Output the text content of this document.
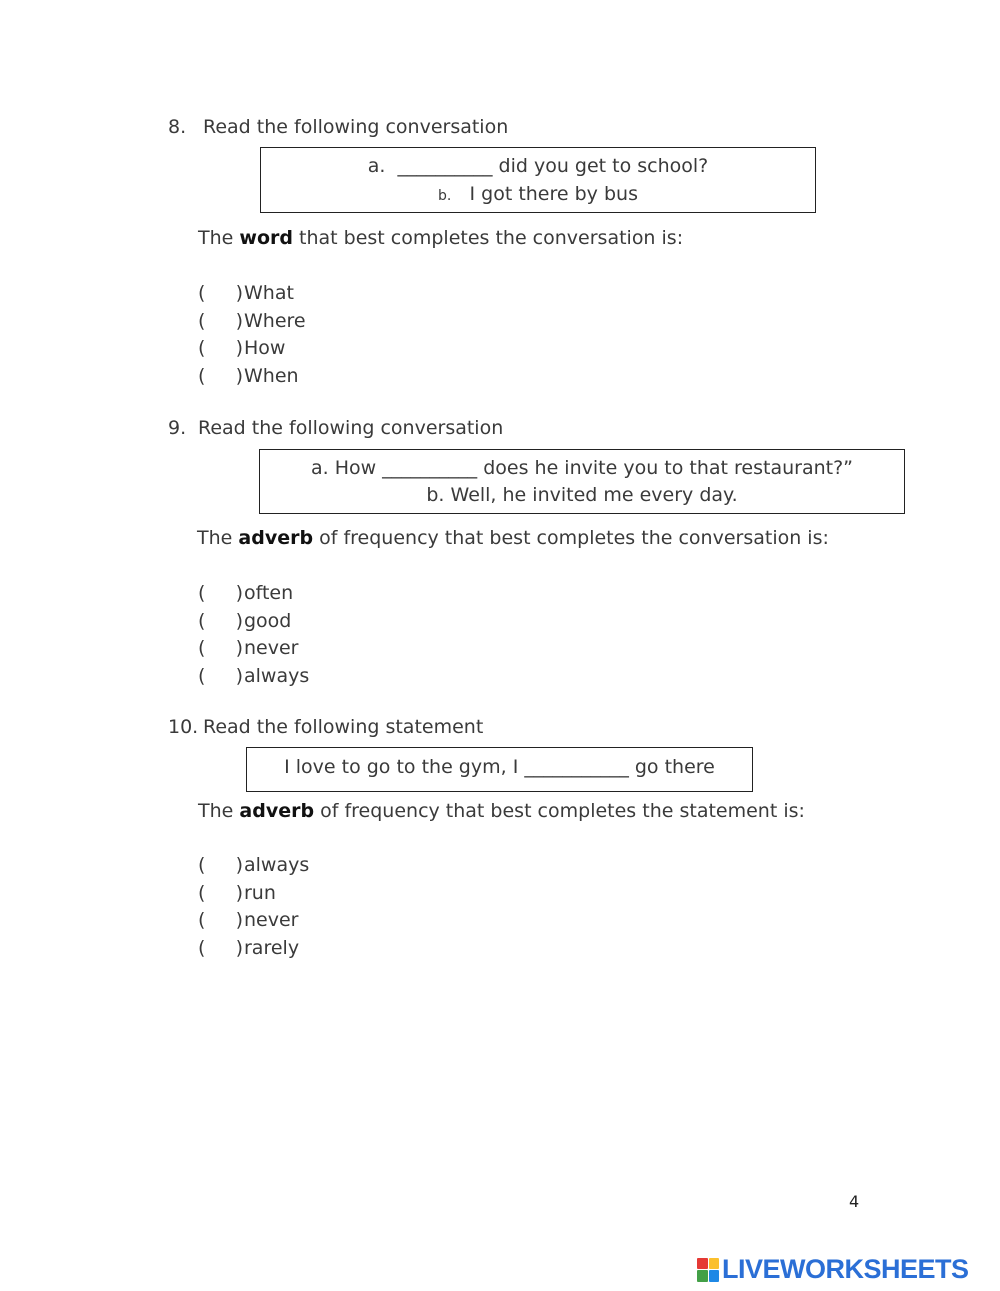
8. Read the following conversation
a. __________ did you get to school?
b. I got there by bus
The word that best completes the conversation is:
( )What
( )Where
( )How
( )When
9. Read the following conversation
a. How __________ does he invite you to that restaurant?”
b. Well, he invited me every day.
The adverb of frequency that best completes the conversation is:
( )often
( )good
( )never
( )always
10. Read the following statement
I love to go to the gym, I ___________ go there
The adverb of frequency that best completes the statement is:
( )always
( )run
( )never
( )rarely
4
LIVEWORKSHEETS
